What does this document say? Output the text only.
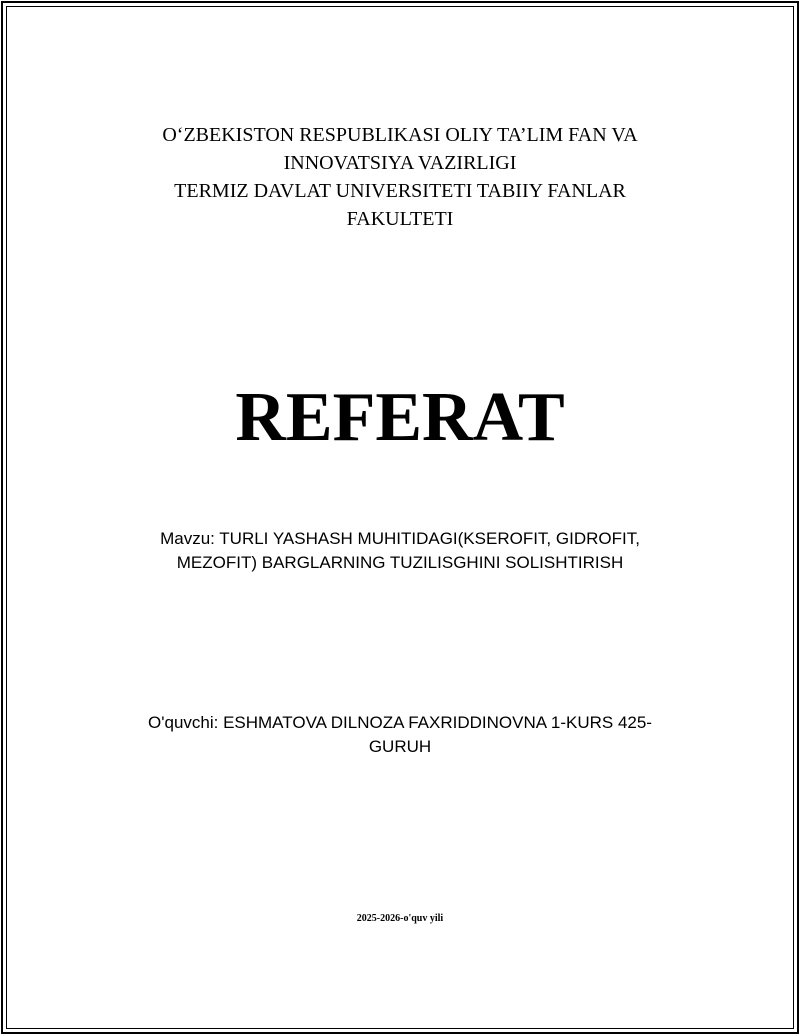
O‘ZBEKISTON RESPUBLIKASI OLIY TA’LIM FAN VA
INNOVATSIYA VAZIRLIGI
TERMIZ DAVLAT UNIVERSITETI TABIIY FANLAR
FAKULTETI
REFERAT
Mavzu: TURLI YASHASH MUHITIDAGI(KSEROFIT, GIDROFIT,
MEZOFIT) BARGLARNING TUZILISGHINI SOLISHTIRISH
O'quvchi: ESHMATOVA DILNOZA FAXRIDDINOVNA 1-KURS 425-
GURUH
2025-2026-o'quv yili
